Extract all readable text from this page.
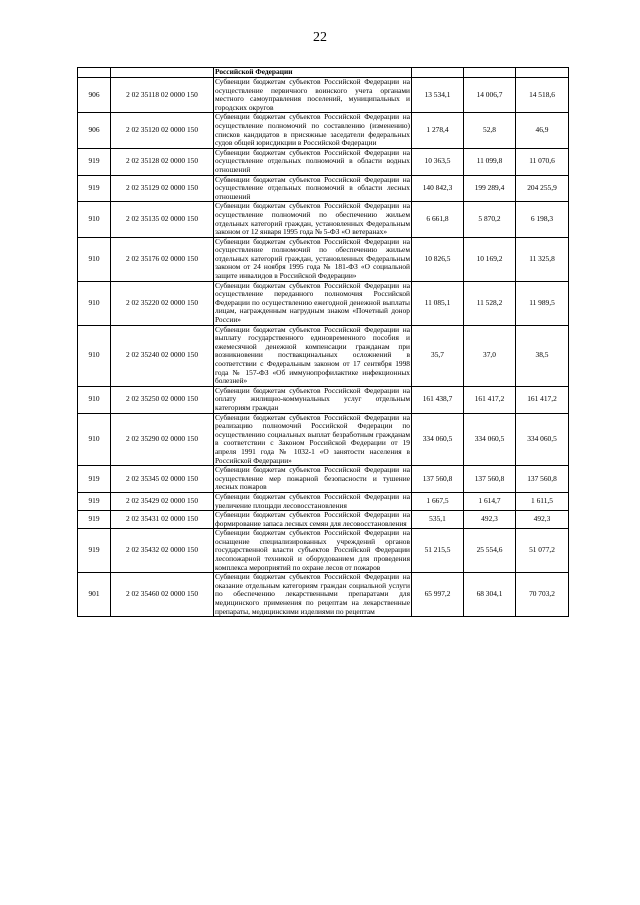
22
		Российской Федерации			
906	2 02 35118 02 0000 150	Субвенции бюджетам субъектов Российской Федерации на осуществление первичного воинского учета органами местного самоуправления поселений, муниципальных и городских округов	13 534,1	14 006,7	14 518,6
906	2 02 35120 02 0000 150	Субвенции бюджетам субъектов Российской Федерации на осуществление полномочий по составлению (изменению) списков кандидатов в присяжные заседатели федеральных судов общей юрисдикции в Российской Федерации	1 278,4	52,8	46,9
919	2 02 35128 02 0000 150	Субвенции бюджетам субъектов Российской Федерации на осуществление отдельных полномочий в области водных отношений	10 363,5	11 099,8	11 070,6
919	2 02 35129 02 0000 150	Субвенции бюджетам субъектов Российской Федерации на осуществление отдельных полномочий в области лесных отношений	140 842,3	199 289,4	204 255,9
910	2 02 35135 02 0000 150	Субвенции бюджетам субъектов Российской Федерации на осуществление полномочий по обеспечению жильем отдельных категорий граждан, установленных Федеральным законом от 12 января 1995 года № 5-ФЗ «О ветеранах»	6 661,8	5 870,2	6 198,3
910	2 02 35176 02 0000 150	Субвенции бюджетам субъектов Российской Федерации на осуществление полномочий по обеспечению жильем отдельных категорий граждан, установленных Федеральным законом от 24 ноября 1995 года № 181-ФЗ «О социальной защите инвалидов в Российской Федерации»	10 826,5	10 169,2	11 325,8
910	2 02 35220 02 0000 150	Субвенции бюджетам субъектов Российской Федерации на осуществление переданного полномочия Российской Федерации по осуществлению ежегодной денежной выплаты лицам, награжденным нагрудным знаком «Почетный донор России»	11 085,1	11 528,2	11 989,5
910	2 02 35240 02 0000 150	Субвенции бюджетам субъектов Российской Федерации на выплату государственного единовременного пособия и ежемесячной денежной компенсации гражданам при возникновении поствакцинальных осложнений в соответствии с Федеральным законом от 17 сентября 1998 года № 157-ФЗ «Об иммунопрофилактике инфекционных болезней»	35,7	37,0	38,5
910	2 02 35250 02 0000 150	Субвенции бюджетам субъектов Российской Федерации на оплату жилищно-коммунальных услуг отдельным категориям граждан	161 438,7	161 417,2	161 417,2
910	2 02 35290 02 0000 150	Субвенции бюджетам субъектов Российской Федерации на реализацию полномочий Российской Федерации по осуществлению социальных выплат безработным гражданам в соответствии с Законом Российской Федерации от 19 апреля 1991 года № 1032-1 «О занятости населения в Российской Федерации»	334 060,5	334 060,5	334 060,5
919	2 02 35345 02 0000 150	Субвенции бюджетам субъектов Российской Федерации на осуществление мер пожарной безопасности и тушение лесных пожаров	137 560,8	137 560,8	137 560,8
919	2 02 35429 02 0000 150	Субвенции бюджетам субъектов Российской Федерации на увеличение площади лесовосстановления	1 667,5	1 614,7	1 611,5
919	2 02 35431 02 0000 150	Субвенции бюджетам субъектов Российской Федерации на формирование запаса лесных семян для лесовосстановления	535,1	492,3	492,3
919	2 02 35432 02 0000 150	Субвенции бюджетам субъектов Российской Федерации на оснащение специализированных учреждений органов государственной власти субъектов Российской Федерации лесопожарной техникой и оборудованием для проведения комплекса мероприятий по охране лесов от пожаров	51 215,5	25 554,6	51 077,2
901	2 02 35460 02 0000 150	Субвенции бюджетам субъектов Российской Федерации на оказание отдельным категориям граждан социальной услуги по обеспечению лекарственными препаратами для медицинского применения по рецептам на лекарственные препараты, медицинскими изделиями по рецептам	65 997,2	68 304,1	70 703,2
